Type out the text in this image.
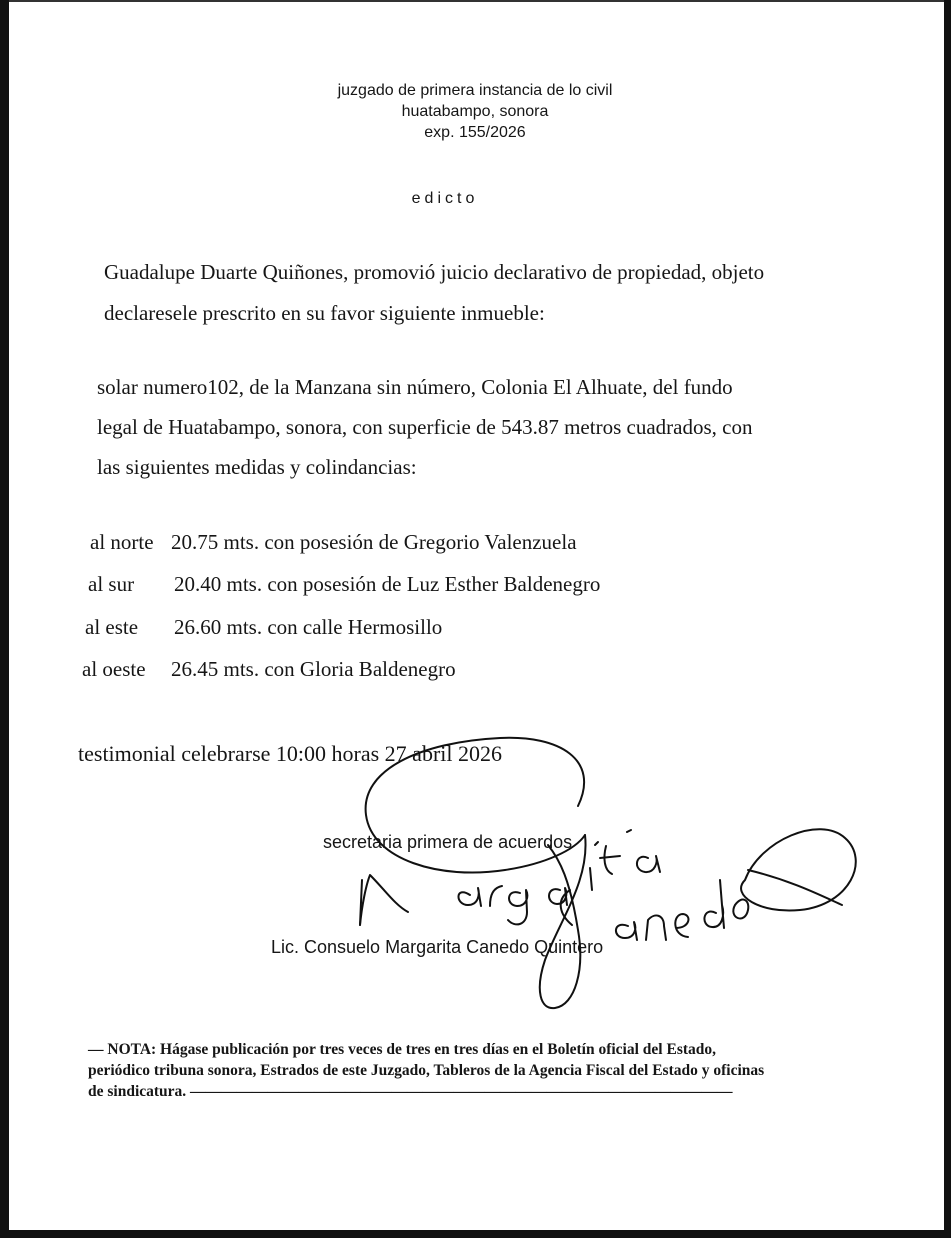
juzgado de primera instancia de lo civil
huatabampo, sonora
exp. 155/2026
edicto
Guadalupe Duarte Quiñones, promovió juicio declarativo de propiedad, objeto
declaresele prescrito en su favor siguiente inmueble:
solar numero102, de la Manzana sin número, Colonia El Alhuate, del fundo
legal de Huatabampo, sonora, con superficie de 543.87 metros cuadrados, con
las siguientes medidas y colindancias:
al norte 20.75 mts. con posesión de Gregorio Valenzuela
al sur 20.40 mts. con posesión de Luz Esther Baldenegro
al este 26.60 mts. con calle Hermosillo
al oeste 26.45 mts. con Gloria Baldenegro
testimonial celebrarse 10:00 horas 27 abril 2026
secretaria primera de acuerdos
Lic. Consuelo Margarita Canedo Quintero
— NOTA: Hágase publicación por tres veces de tres en tres días en el Boletín oficial del Estado,
periódico tribuna sonora, Estrados de este Juzgado, Tableros de la Agencia Fiscal del Estado y oficinas
de sindicatura. ———————————————————————————————————
